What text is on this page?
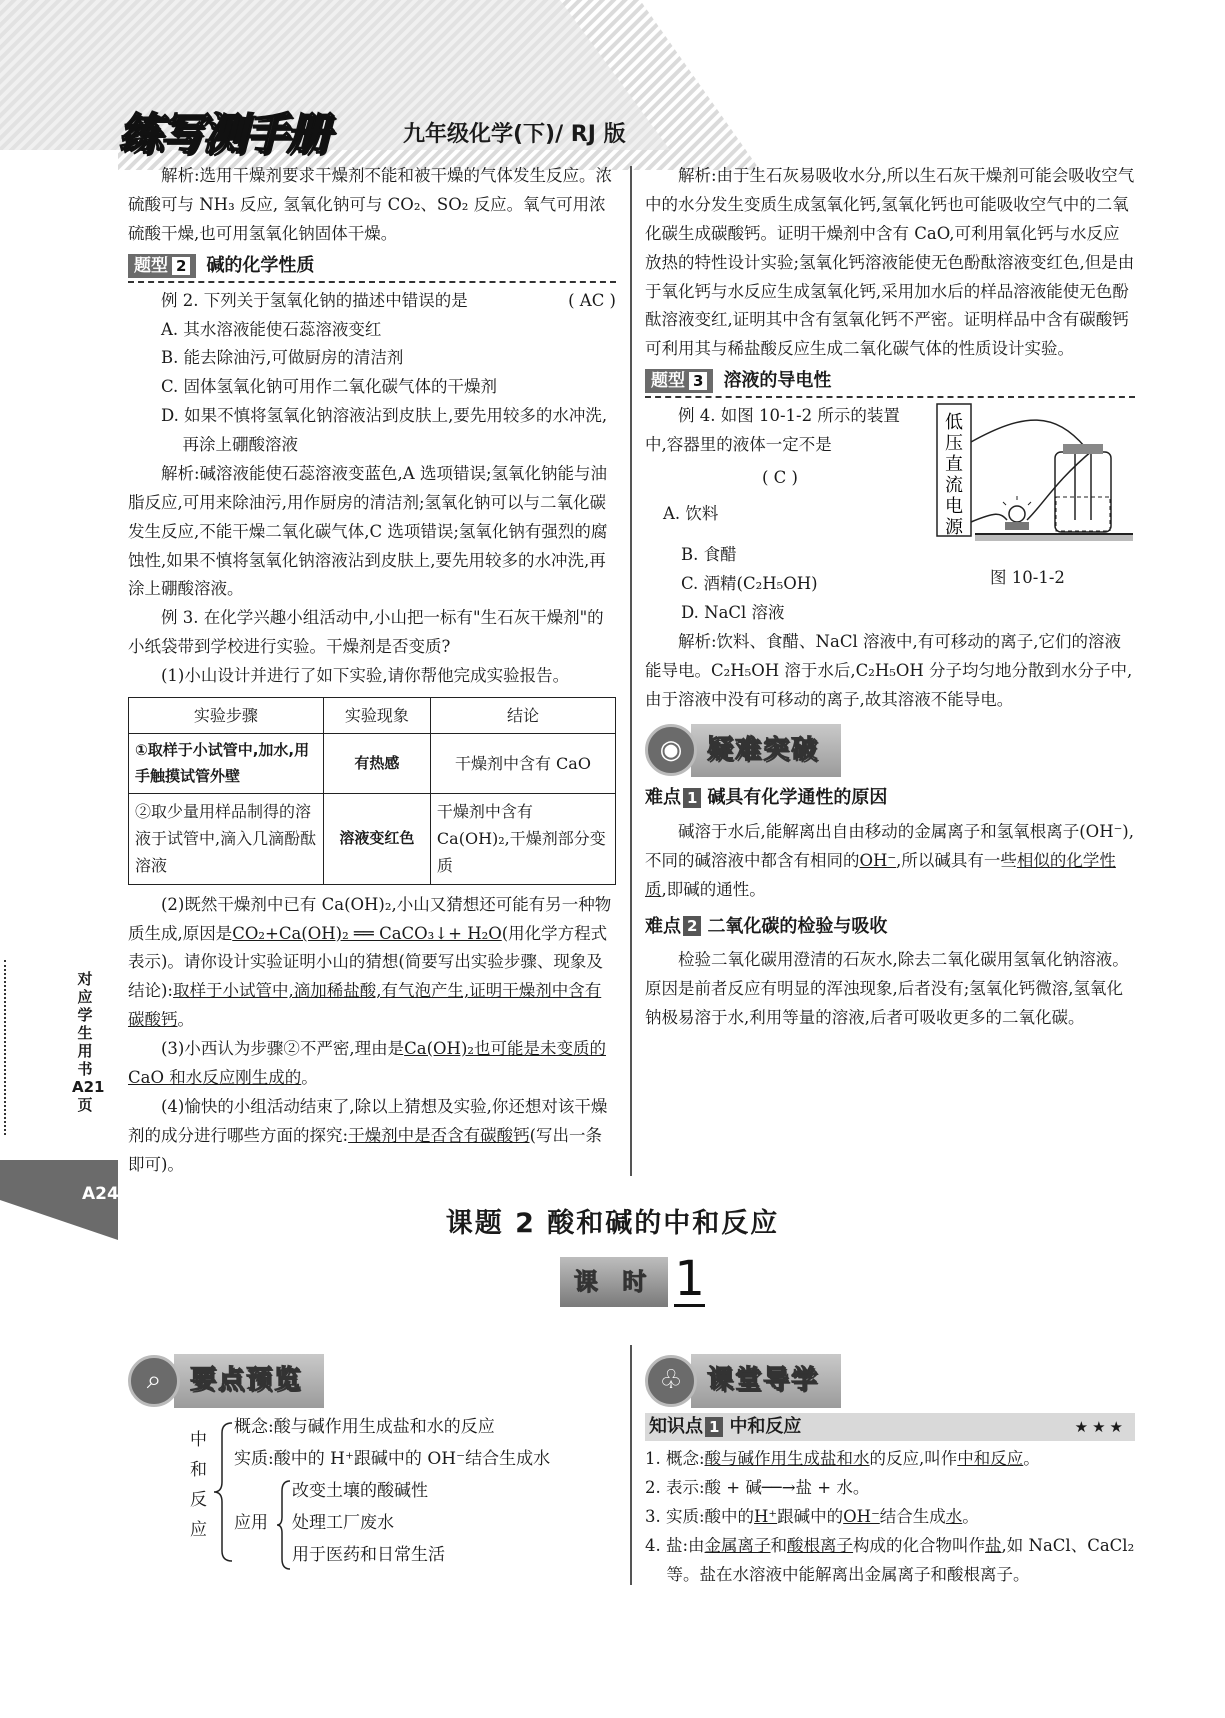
练写测手册	九年级化学(下)/ RJ 版

解析:选用干燥剂要求干燥剂不能和被干燥的气体发生反应。浓硫酸可与 NH₃ 反应, 氢氧化钠可与 CO₂、SO₂ 反应。氧气可用浓硫酸干燥,也可用氢氧化钠固体干燥。

题型 2 碱的化学性质

例 2. 下列关于氢氧化钠的描述中错误的是	( AC )

A. 其水溶液能使石蕊溶液变红

B. 能去除油污,可做厨房的清洁剂

C. 固体氢氧化钠可用作二氧化碳气体的干燥剂

D. 如果不慎将氢氧化钠溶液沾到皮肤上,要先用较多的水冲洗,再涂上硼酸溶液

解析:碱溶液能使石蕊溶液变蓝色,A 选项错误;氢氧化钠能与油脂反应,可用来除油污,用作厨房的清洁剂;氢氧化钠可以与二氧化碳发生反应,不能干燥二氧化碳气体,C 选项错误;氢氧化钠有强烈的腐蚀性,如果不慎将氢氧化钠溶液沾到皮肤上,要先用较多的水冲洗,再涂上硼酸溶液。

例 3. 在化学兴趣小组活动中,小山把一标有"生石灰干燥剂"的小纸袋带到学校进行实验。干燥剂是否变质?

(1)小山设计并进行了如下实验,请你帮他完成实验报告。

实验步骤	实验现象	结论
①取样于小试管中,加水,用手触摸试管外壁	有热感	干燥剂中含有 CaO
②取少量用样品制得的溶液于试管中,滴入几滴酚酞溶液	溶液变红色	干燥剂中含有 Ca(OH)₂,干燥剂部分变质

(2)既然干燥剂中已有 Ca(OH)₂,小山又猜想还可能有另一种物质生成,原因是CO₂+Ca(OH)₂ ══ CaCO₃↓+ H₂O(用化学方程式表示)。请你设计实验证明小山的猜想(简要写出实验步骤、现象及结论):取样于小试管中,滴加稀盐酸,有气泡产生,证明干燥剂中含有碳酸钙。

(3)小西认为步骤②不严密,理由是Ca(OH)₂也可能是未变质的 CaO 和水反应刚生成的。

(4)愉快的小组活动结束了,除以上猜想及实验,你还想对该干燥剂的成分进行哪些方面的探究:干燥剂中是否含有碳酸钙(写出一条即可)。

解析:由于生石灰易吸收水分,所以生石灰干燥剂可能会吸收空气中的水分发生变质生成氢氧化钙,氢氧化钙也可能吸收空气中的二氧化碳生成碳酸钙。证明干燥剂中含有 CaO,可利用氧化钙与水反应放热的特性设计实验;氢氧化钙溶液能使无色酚酞溶液变红色,但是由于氧化钙与水反应生成氢氧化钙,采用加水后的样品溶液能使无色酚酞溶液变红,证明其中含有氢氧化钙不严密。证明样品中含有碳酸钙可利用其与稀盐酸反应生成二氧化碳气体的性质设计实验。

题型 3 溶液的导电性

例 4. 如图 10-1-2 所示的装置中,容器里的液体一定不是

( C )

低
压
直
流
电
源

A. 饮料

图 10-1-2

B. 食醋

C. 酒精(C₂H₅OH)

D. NaCl 溶液

解析:饮料、食醋、NaCl 溶液中,有可移动的离子,它们的溶液能导电。C₂H₅OH 溶于水后,C₂H₅OH 分子均匀地分散到水分子中,由于溶液中没有可移动的离子,故其溶液不能导电。

◉ 疑难突破
难点 1 碱具有化学通性的原因

碱溶于水后,能解离出自由移动的金属离子和氢氧根离子(OH⁻),不同的碱溶液中都含有相同的OH⁻,所以碱具有一些相似的化学性质,即碱的通性。

难点 2 二氧化碳的检验与吸收

检验二氧化碳用澄清的石灰水,除去二氧化碳用氢氧化钠溶液。原因是前者反应有明显的浑浊现象,后者没有;氢氧化钙微溶,氢氧化钠极易溶于水,利用等量的溶液,后者可吸收更多的二氧化碳。

对应学生用书A21页
A24
课题 2 酸和碱的中和反应
课 时 1
⌕	要点预览
中和反应
概念:酸与碱作用生成盐和水的反应
实质:酸中的 H⁺跟碱中的 OH⁻结合生成水
应用
改变土壤的酸碱性
处理工厂废水
用于医药和日常生活
♧ 课堂导学
知识点 1 中和反应	★★★

1. 概念:酸与碱作用生成盐和水的反应,叫作中和反应。

2. 表示:酸 + 碱──→盐 + 水。

3. 实质:酸中的H⁺跟碱中的OH⁻结合生成水。

4. 盐:由金属离子和酸根离子构成的化合物叫作盐,如 NaCl、CaCl₂ 等。盐在水溶液中能解离出金属离子和酸根离子。
